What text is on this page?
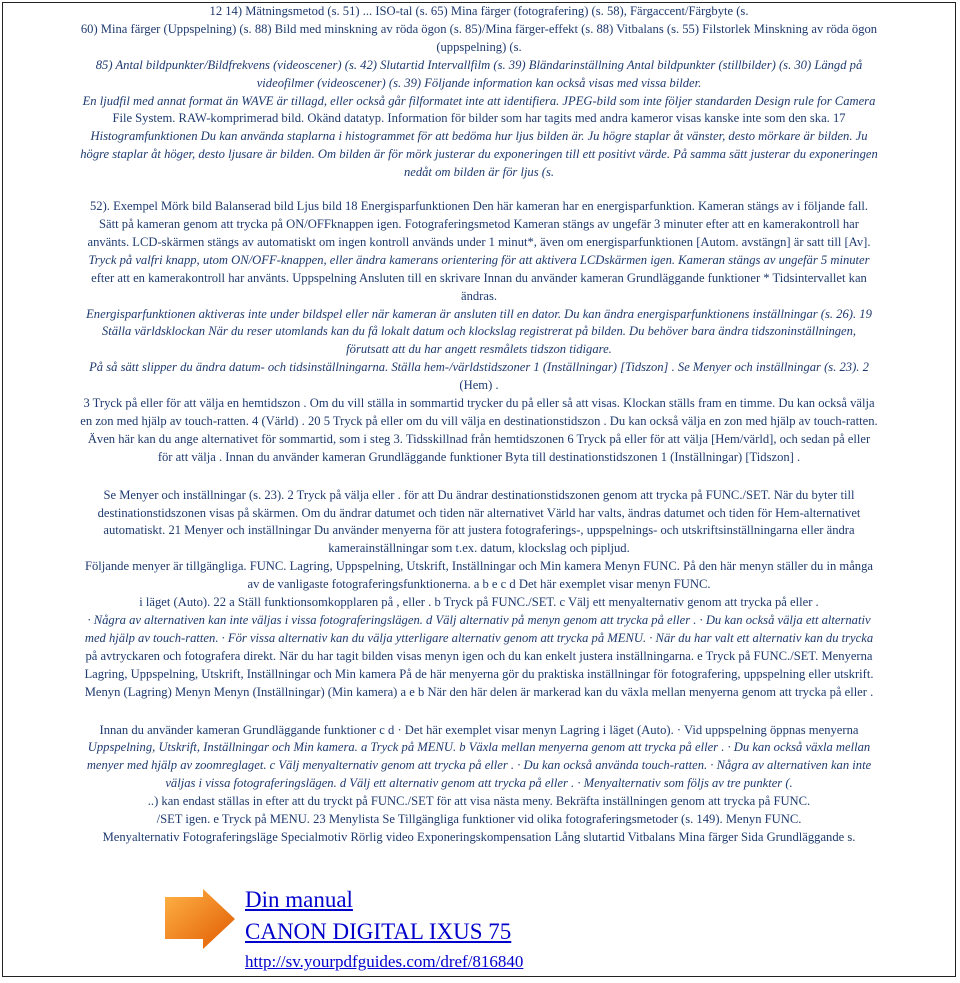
12 14) Mätningsmetod (s. 51) ... ISO-tal (s. 65) Mina färger (fotografering) (s. 58), Färgaccent/Färgbyte (s.
60) Mina färger (Uppspelning) (s. 88) Bild med minskning av röda ögon (s. 85)/Mina färger-effekt (s. 88) Vitbalans (s. 55) Filstorlek Minskning av röda ögon
(uppspelning) (s.
85) Antal bildpunkter/Bildfrekvens (videoscener) (s. 42) Slutartid Intervallfilm (s. 39) Bländarinställning Antal bildpunkter (stillbilder) (s. 30) Längd på
videofilmer (videoscener) (s. 39) Följande information kan också visas med vissa bilder.
En ljudfil med annat format än WAVE är tillagd, eller också går filformatet inte att identifiera. JPEG-bild som inte följer standarden Design rule for Camera
File System. RAW-komprimerad bild. Okänd datatyp. Information för bilder som har tagits med andra kameror visas kanske inte som den ska. 17
Histogramfunktionen Du kan använda staplarna i histogrammet för att bedöma hur ljus bilden är. Ju högre staplar åt vänster, desto mörkare är bilden. Ju
högre staplar åt höger, desto ljusare är bilden. Om bilden är för mörk justerar du exponeringen till ett positivt värde. På samma sätt justerar du exponeringen
nedåt om bilden är för ljus (s.
52). Exempel Mörk bild Balanserad bild Ljus bild 18 Energisparfunktionen Den här kameran har en energisparfunktion. Kameran stängs av i följande fall.
Sätt på kameran genom att trycka på ON/OFFknappen igen. Fotograferingsmetod Kameran stängs av ungefär 3 minuter efter att en kamerakontroll har
använts. LCD-skärmen stängs av automatiskt om ingen kontroll används under 1 minut*, även om energisparfunktionen [Autom. avstängn] är satt till [Av].
Tryck på valfri knapp, utom ON/OFF-knappen, eller ändra kamerans orientering för att aktivera LCDskärmen igen. Kameran stängs av ungefär 5 minuter
efter att en kamerakontroll har använts. Uppspelning Ansluten till en skrivare Innan du använder kameran Grundläggande funktioner * Tidsintervallet kan
ändras.
Energisparfunktionen aktiveras inte under bildspel eller när kameran är ansluten till en dator. Du kan ändra energisparfunktionens inställningar (s. 26). 19
Ställa världsklockan När du reser utomlands kan du få lokalt datum och klockslag registrerat på bilden. Du behöver bara ändra tidszoninställningen,
förutsatt att du har angett resmålets tidszon tidigare.
På så sätt slipper du ändra datum- och tidsinställningarna. Ställa hem-/världstidszoner 1 (Inställningar) [Tidszon] . Se Menyer och inställningar (s. 23). 2
(Hem) .
3 Tryck på eller för att välja en hemtidszon . Om du vill ställa in sommartid trycker du på eller så att visas. Klockan ställs fram en timme. Du kan också välja
en zon med hjälp av touch-ratten. 4 (Värld) . 20 5 Tryck på eller om du vill välja en destinationstidszon . Du kan också välja en zon med hjälp av touch-ratten.
Även här kan du ange alternativet för sommartid, som i steg 3. Tidsskillnad från hemtidszonen 6 Tryck på eller för att välja [Hem/värld], och sedan på eller
för att välja . Innan du använder kameran Grundläggande funktioner Byta till destinationstidszonen 1 (Inställningar) [Tidszon] .
Se Menyer och inställningar (s. 23). 2 Tryck på välja eller . för att Du ändrar destinationstidszonen genom att trycka på FUNC./SET. När du byter till
destinationstidszonen visas på skärmen. Om du ändrar datumet och tiden när alternativet Värld har valts, ändras datumet och tiden för Hem-alternativet
automatiskt. 21 Menyer och inställningar Du använder menyerna för att justera fotograferings-, uppspelnings- och utskriftsinställningarna eller ändra
kamerainställningar som t.ex. datum, klockslag och pipljud.
Följande menyer är tillgängliga. FUNC. Lagring, Uppspelning, Utskrift, Inställningar och Min kamera Menyn FUNC. På den här menyn ställer du in många
av de vanligaste fotograferingsfunktionerna. a b e c d Det här exemplet visar menyn FUNC.
i läget (Auto). 22 a Ställ funktionsomkopplaren på , eller . b Tryck på FUNC./SET. c Välj ett menyalternativ genom att trycka på eller .
· Några av alternativen kan inte väljas i vissa fotograferingslägen. d Välj alternativ på menyn genom att trycka på eller . · Du kan också välja ett alternativ
med hjälp av touch-ratten. · För vissa alternativ kan du välja ytterligare alternativ genom att trycka på MENU. · När du har valt ett alternativ kan du trycka
på avtryckaren och fotografera direkt. När du har tagit bilden visas menyn igen och du kan enkelt justera inställningarna. e Tryck på FUNC./SET. Menyerna
Lagring, Uppspelning, Utskrift, Inställningar och Min kamera På de här menyerna gör du praktiska inställningar för fotografering, uppspelning eller utskrift.
Menyn (Lagring) Menyn Menyn (Inställningar) (Min kamera) a e b När den här delen är markerad kan du växla mellan menyerna genom att trycka på eller .
Innan du använder kameran Grundläggande funktioner c d · Det här exemplet visar menyn Lagring i läget (Auto). · Vid uppspelning öppnas menyerna
Uppspelning, Utskrift, Inställningar och Min kamera. a Tryck på MENU. b Växla mellan menyerna genom att trycka på eller . · Du kan också växla mellan
menyer med hjälp av zoomreglaget. c Välj menyalternativ genom att trycka på eller . · Du kan också använda touch-ratten. · Några av alternativen kan inte
väljas i vissa fotograferingslägen. d Välj ett alternativ genom att trycka på eller . · Menyalternativ som följs av tre punkter (.
..) kan endast ställas in efter att du tryckt på FUNC./SET för att visa nästa meny. Bekräfta inställningen genom att trycka på FUNC.
/SET igen. e Tryck på MENU. 23 Menylista Se Tillgängliga funktioner vid olika fotograferingsmetoder (s. 149). Menyn FUNC.
Menyalternativ Fotograferingsläge Specialmotiv Rörlig video Exponeringskompensation Lång slutartid Vitbalans Mina färger Sida Grundläggande s.
Din manual
CANON DIGITAL IXUS 75
http://sv.yourpdfguides.com/dref/816840
